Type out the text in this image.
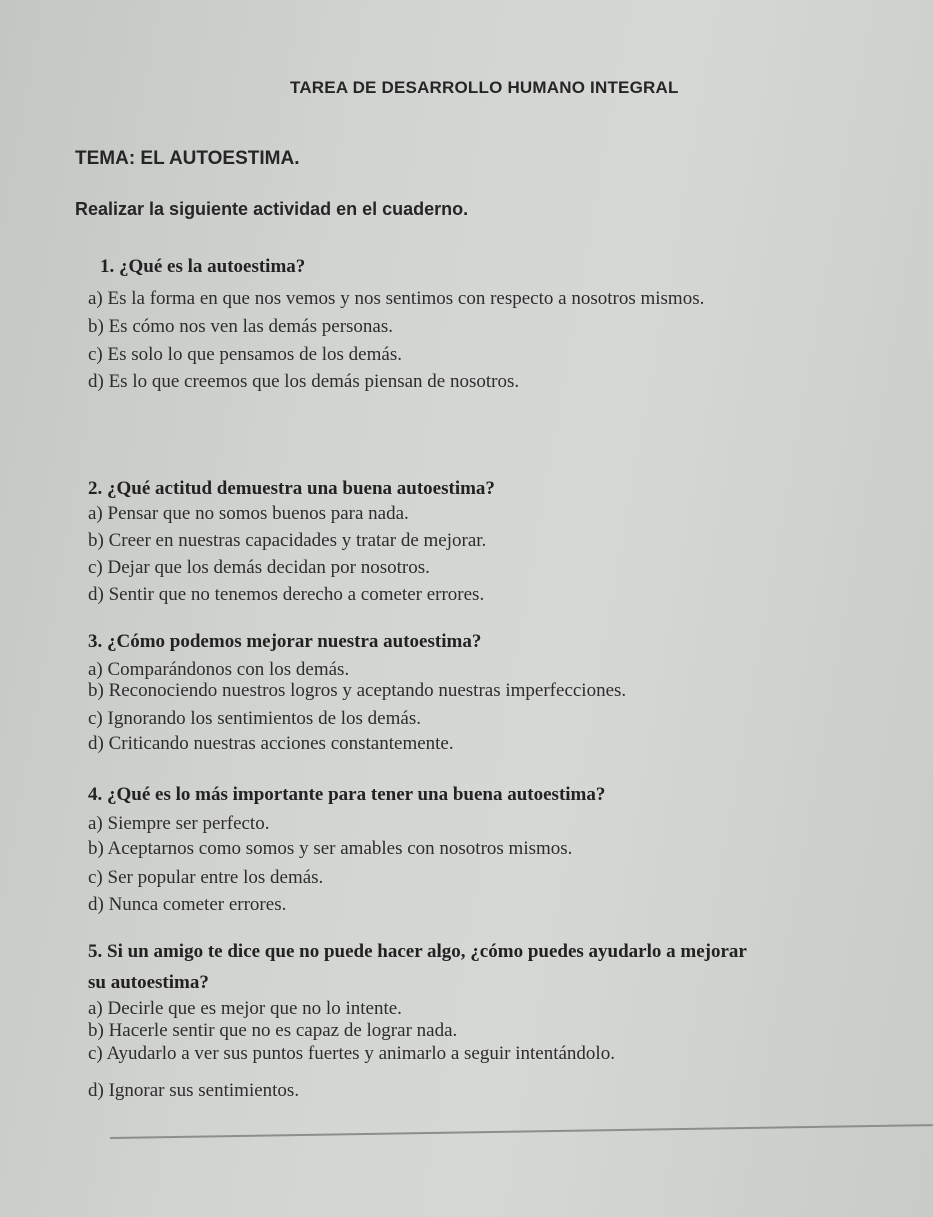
TAREA DE DESARROLLO HUMANO INTEGRAL
TEMA: EL AUTOESTIMA.
Realizar la siguiente actividad en el cuaderno.
1. ¿Qué es la autoestima?
a) Es la forma en que nos vemos y nos sentimos con respecto a nosotros mismos.
b) Es cómo nos ven las demás personas.
c) Es solo lo que pensamos de los demás.
d) Es lo que creemos que los demás piensan de nosotros.
2. ¿Qué actitud demuestra una buena autoestima?
a) Pensar que no somos buenos para nada.
b) Creer en nuestras capacidades y tratar de mejorar.
c) Dejar que los demás decidan por nosotros.
d) Sentir que no tenemos derecho a cometer errores.
3. ¿Cómo podemos mejorar nuestra autoestima?
a) Comparándonos con los demás.
b) Reconociendo nuestros logros y aceptando nuestras imperfecciones.
c) Ignorando los sentimientos de los demás.
d) Criticando nuestras acciones constantemente.
4. ¿Qué es lo más importante para tener una buena autoestima?
a) Siempre ser perfecto.
b) Aceptarnos como somos y ser amables con nosotros mismos.
c) Ser popular entre los demás.
d) Nunca cometer errores.
5. Si un amigo te dice que no puede hacer algo, ¿cómo puedes ayudarlo a mejorar
su autoestima?
a) Decirle que es mejor que no lo intente.
b) Hacerle sentir que no es capaz de lograr nada.
c) Ayudarlo a ver sus puntos fuertes y animarlo a seguir intentándolo.
d) Ignorar sus sentimientos.
